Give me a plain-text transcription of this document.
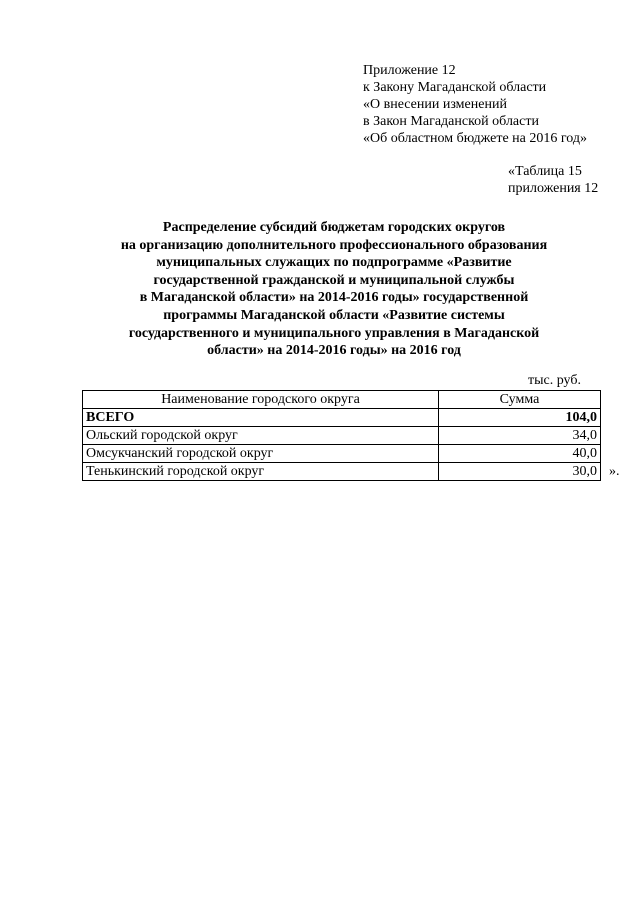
Приложение 12
к Закону Магаданской области
«О внесении изменений
в Закон Магаданской области
«Об областном бюджете на 2016 год»
«Таблица 15
приложения 12
Распределение субсидий бюджетам городских округов
на организацию дополнительного профессионального образования
муниципальных служащих по подпрограмме «Развитие
государственной гражданской и муниципальной службы
в Магаданской области» на 2014-2016 годы» государственной
программы Магаданской области «Развитие системы
государственного и муниципального управления в Магаданской
области» на 2014-2016 годы» на 2016 год
тыс. руб.
Наименование городского округа	Сумма
ВСЕГО	104,0
Ольский городской округ	34,0
Омсукчанский городской округ	40,0
Тенькинский городской округ	30,0 ».
